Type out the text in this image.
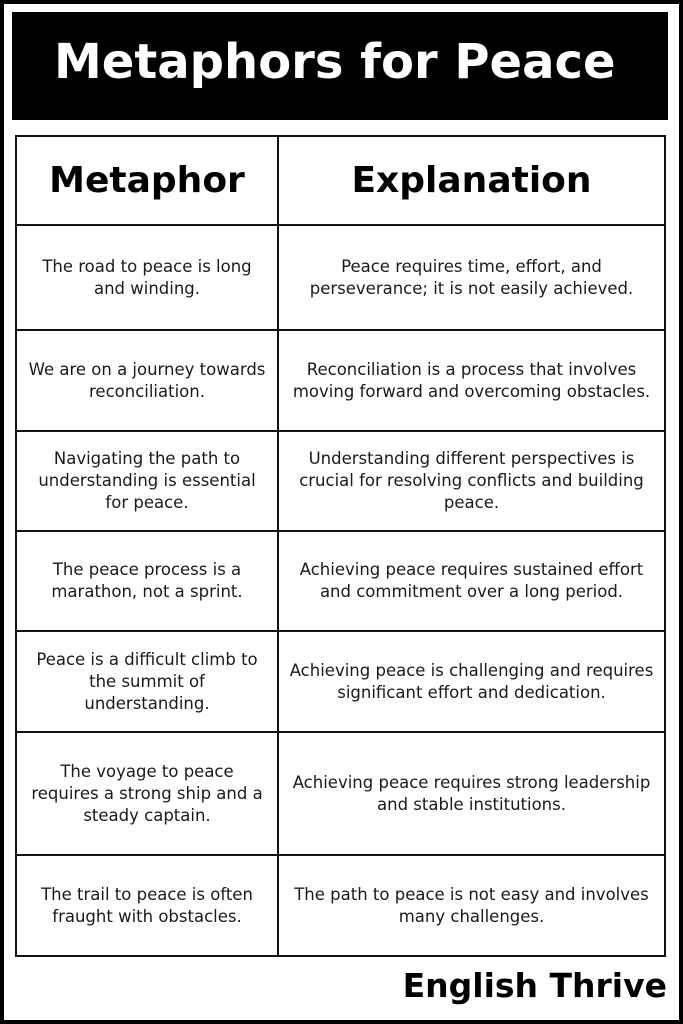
Metaphors for Peace
Metaphor	Explanation
The road to peace is long and winding.	Peace requires time, effort, and perseverance; it is not easily achieved.
We are on a journey towards reconciliation.	Reconciliation is a process that involves moving forward and overcoming obstacles.
Navigating the path to understanding is essential for peace.	Understanding different perspectives is crucial for resolving conflicts and building peace.
The peace process is a marathon, not a sprint.	Achieving peace requires sustained effort and commitment over a long period.
Peace is a difficult climb to the summit of understanding.	Achieving peace is challenging and requires significant effort and dedication.
The voyage to peace requires a strong ship and a steady captain.	Achieving peace requires strong leadership and stable institutions.
The trail to peace is often fraught with obstacles.	The path to peace is not easy and involves many challenges.
English Thrive
